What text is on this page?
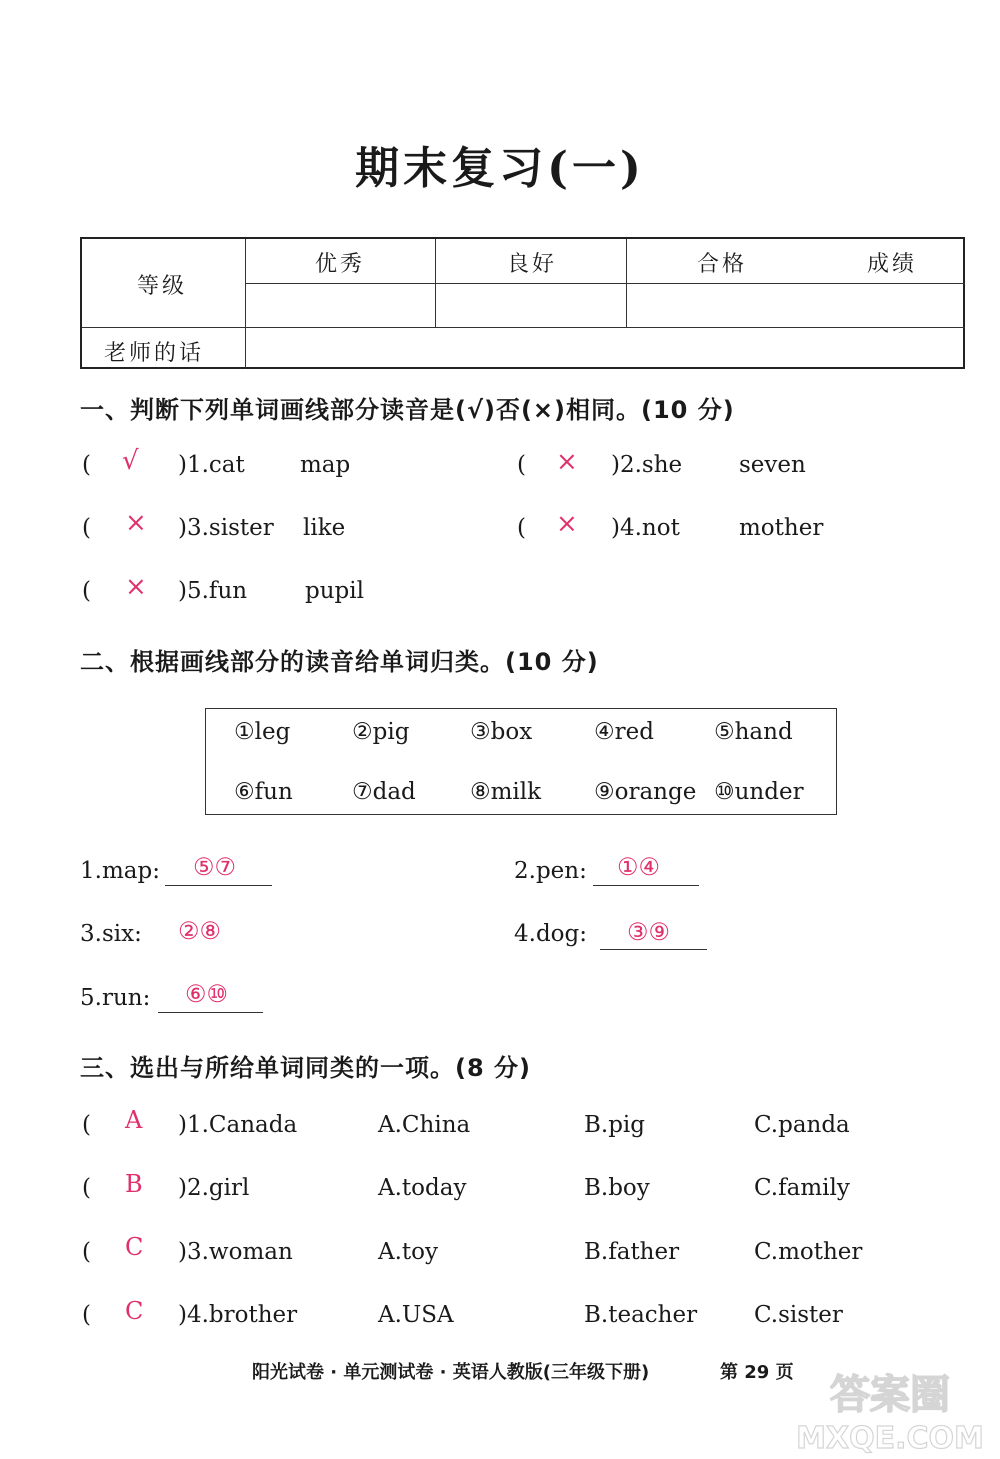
期末复习(一)
等级
老师的话
优秀	良好	合格	成绩
一、判断下列单词画线部分读音是(√)否(×)相同。(10 分)
( √ )1.cat map	( × )2.she seven
( × )3.sister like	( × )4.not	mother
( × )5.fun	pupil
二、根据画线部分的读音给单词归类。(10 分)
①leg	②pig	③box	④red	⑤hand
⑥fun	⑦dad ⑧milk ⑨orange ⑩under
1.map: ⑤⑦	2.pen: ①④
3.six: ②⑧	4.dog: ③⑨
5.run: ⑥⑩
三、选出与所给单词同类的一项。(8 分)
( A )1.Canada	A.China	B.pig	C.panda
( B )2.girl	A.today	B.boy	C.family
( C )3.woman	A.toy	B.father	C.mother
( C )4.brother	A.USA	B.teacher C.sister
阳光试卷 · 单元测试卷 · 英语人教版(三年级下册)	第 29 页 答案圈
MXQE.COM
